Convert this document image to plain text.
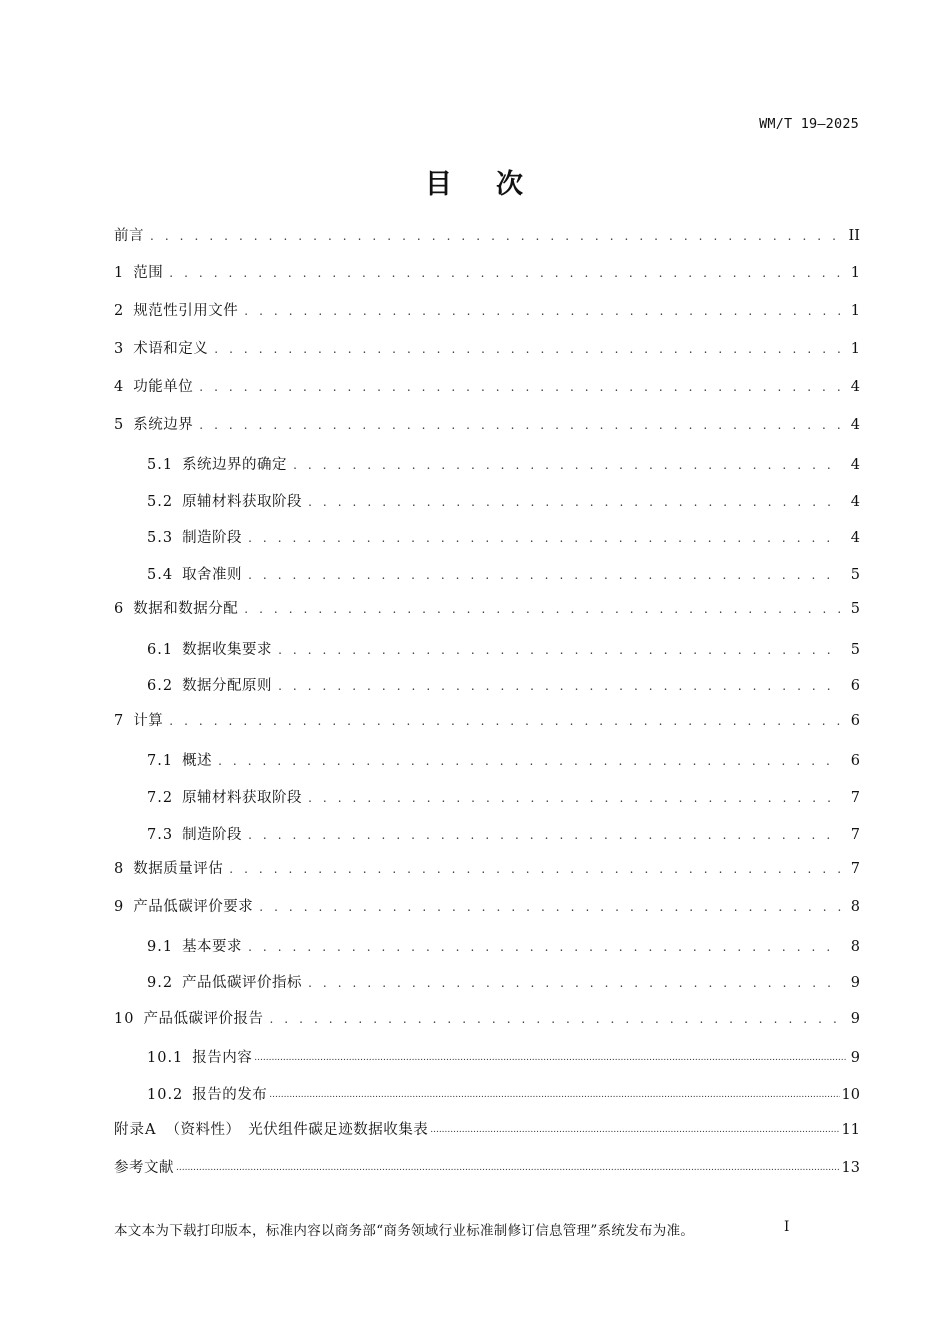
WM/T 19—2025
目 次
前言 . . .	II
1 范围 . . .	1
2 规范性引用文件 . . .	1
3 术语和定义 . . .	1
4 功能单位 . . .	4
5 系统边界 . . .	4
5.1 系统边界的确定 . . .	4
5.2 原辅材料获取阶段 . . .	4
5.3 制造阶段 . . .	4
5.4 取舍准则 . . .	5
6 数据和数据分配 . . .	5
6.1 数据收集要求 . . .	5
6.2 数据分配原则 . . .	6
7 计算 . . .	6
7.1 概述 . . .	6
7.2 原辅材料获取阶段 . . .	7
7.3 制造阶段 . . .	7
8 数据质量评估 . . .	7
9 产品低碳评价要求 . . .	8
9.1 基本要求 . . .	8
9.2 产品低碳评价指标 . . .	9
10 产品低碳评价报告 . . .	9
10.1 报告内容 .....	9
10.2 报告的发布 .....	10
附录A （资料性）　光伏组件碳足迹数据收集表 .....	11
参考文献 .....	13
本文本为下载打印版本，标准内容以商务部“商务领域行业标准制修订信息管理”系统发布为准。	I
